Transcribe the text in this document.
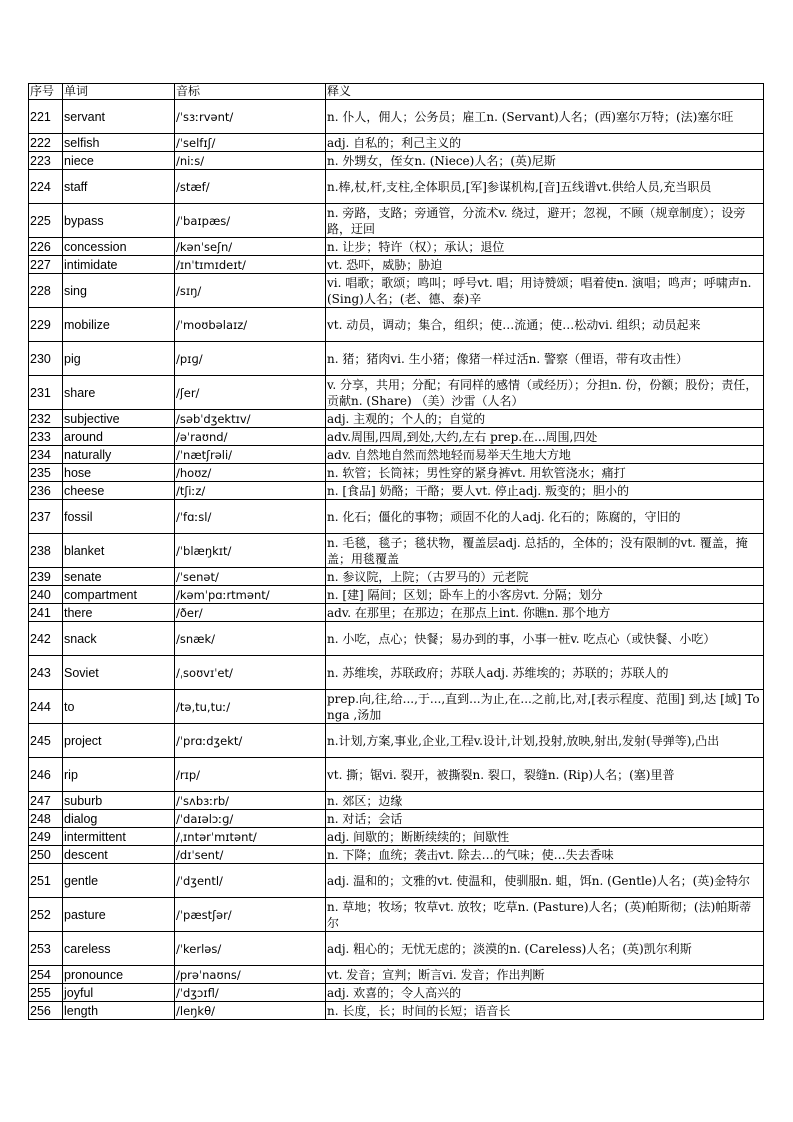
序号	单词	音标	释义
221	servant	/ˈsɜːrvənt/	n. 仆人，佣人；公务员；雇工n. (Servant)人名；(西)塞尔万特；(法)塞尔旺

222	selfish	/ˈselfɪʃ/	adj. 自私的；利己主义的

223	niece	/niːs/	n. 外甥女，侄女n. (Niece)人名；(英)尼斯

224	staff	/stæf/	n.棒,杖,杆,支柱,全体职员,[军]参谋机构,[音]五线谱vt.供给人员,充当职员

225	bypass	/ˈbaɪpæs/	n. 旁路，支路；旁通管，分流术v. 绕过，避开；忽视，不顾（规章制度）；设旁路，迂回

226	concession	/kənˈseʃn/	n. 让步；特许（权）；承认；退位

227	intimidate	/ɪnˈtɪmɪdeɪt/	vt. 恐吓，威胁；胁迫

228	sing	/sɪŋ/	vi. 唱歌；歌颂；鸣叫；呼号vt. 唱；用诗赞颂；唱着使n. 演唱；鸣声；呼啸声n. (Sing)人名；(老、德、泰)辛

229	mobilize	/ˈmoʊbəlaɪz/	vt. 动员，调动；集合，组织；使…流通；使…松动vi. 组织；动员起来

230	pig	/pɪɡ/	n. 猪；猪肉vi. 生小猪；像猪一样过活n. 警察（俚语，带有攻击性）

231	share	/ʃer/	v. 分享，共用；分配；有同样的感情（或经历）；分担n. 份，份额；股份；责任，贡献n. (Share) （美）沙雷（人名）

232	subjective	/səbˈdʒektɪv/	adj. 主观的；个人的；自觉的

233	around	/əˈraʊnd/	adv.周围,四周,到处,大约,左右 prep.在...周围,四处

234	naturally	/ˈnætʃrəli/	adv. 自然地自然而然地轻而易举天生地大方地

235	hose	/hoʊz/	n. 软管；长筒袜；男性穿的紧身裤vt. 用软管浇水；痛打

236	cheese	/tʃiːz/	n. [食品] 奶酪；干酪；要人vt. 停止adj. 叛变的；胆小的

237	fossil	/ˈfɑːsl/	n. 化石；僵化的事物；顽固不化的人adj. 化石的；陈腐的，守旧的

238	blanket	/ˈblæŋkɪt/	n. 毛毯，毯子；毯状物，覆盖层adj. 总括的，全体的；没有限制的vt. 覆盖，掩盖；用毯覆盖

239	senate	/ˈsenət/	n. 参议院，上院；（古罗马的）元老院

240	compartment	/kəmˈpɑːrtmənt/	n. [建] 隔间；区划；卧车上的小客房vt. 分隔；划分

241	there	/ðer/	adv. 在那里；在那边；在那点上int. 你瞧n. 那个地方

242	snack	/snæk/	n. 小吃，点心；快餐；易办到的事，小事一桩v. 吃点心（或快餐、小吃）

243	Soviet	/ˌsoʊvɪˈet/	n. 苏维埃，苏联政府；苏联人adj. 苏维埃的；苏联的；苏联人的

244	to	/tə,tu,tuː/	prep.向,往,给...,于...,直到...为止,在...之前,比,对,[表示程度、范围] 到,达 [域] Tonga ,汤加

245	project	/ˈprɑːdʒekt/	n.计划,方案,事业,企业,工程v.设计,计划,投射,放映,射出,发射(导弹等),凸出

246	rip	/rɪp/	vt. 撕；锯vi. 裂开，被撕裂n. 裂口，裂缝n. (Rip)人名；(塞)里普

247	suburb	/ˈsʌbɜːrb/	n. 郊区；边缘

248	dialog	/ˈdaɪəlɔːɡ/	n. 对话；会话

249	intermittent	/ˌɪntərˈmɪtənt/	adj. 间歇的；断断续续的；间歇性

250	descent	/dɪˈsent/	n. 下降；血统；袭击vt. 除去…的气味；使…失去香味

251	gentle	/ˈdʒentl/	adj. 温和的；文雅的vt. 使温和，使驯服n. 蛆，饵n. (Gentle)人名；(英)金特尔

252	pasture	/ˈpæstʃər/	n. 草地；牧场；牧草vt. 放牧；吃草n. (Pasture)人名；(英)帕斯彻；(法)帕斯蒂尔

253	careless	/ˈkerləs/	adj. 粗心的；无忧无虑的；淡漠的n. (Careless)人名；(英)凯尔利斯

254	pronounce	/prəˈnaʊns/	vt. 发音；宣判；断言vi. 发音；作出判断

255	joyful	/ˈdʒɔɪfl/	adj. 欢喜的；令人高兴的

256	length	/leŋkθ/	n. 长度，长；时间的长短；语音长
